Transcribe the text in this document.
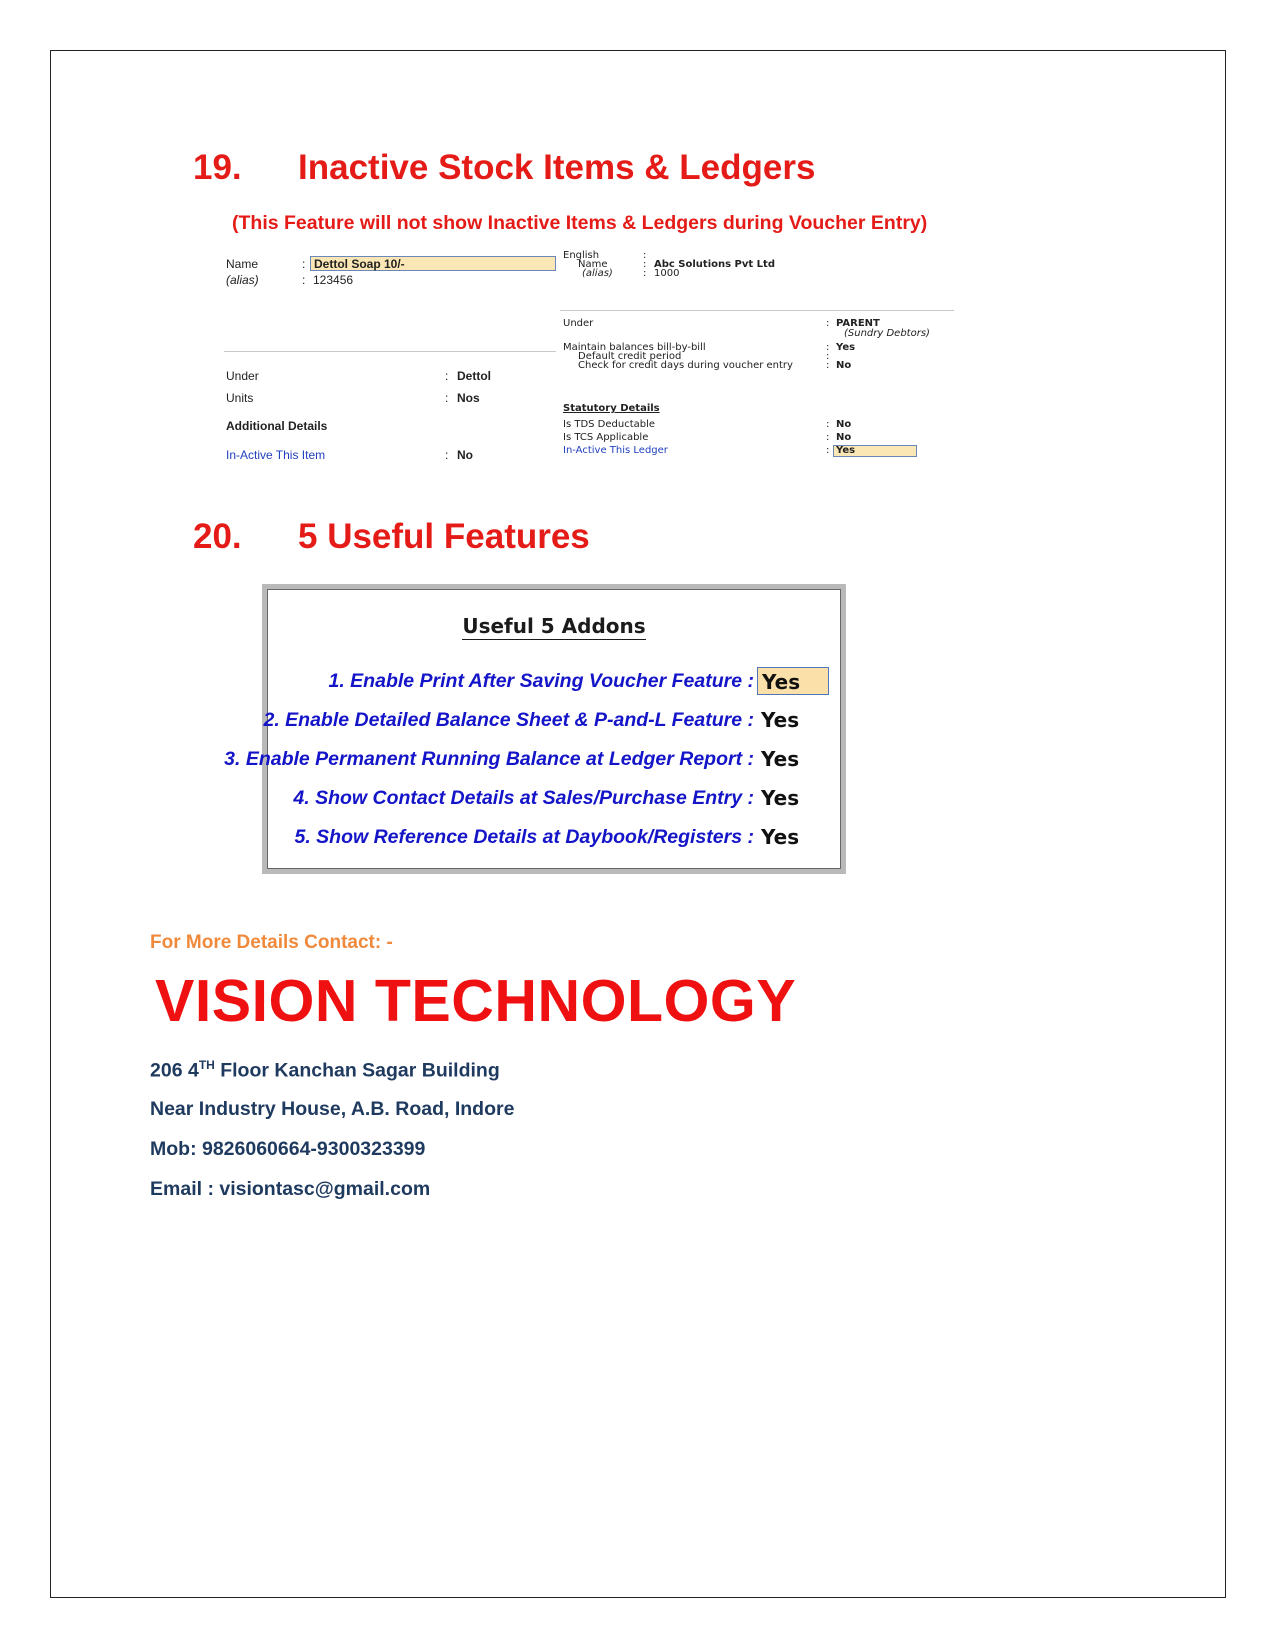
19. Inactive Stock Items & Ledgers
(This Feature will not show Inactive Items & Ledgers during Voucher Entry)
Name	: Dettol Soap 10/-
(alias)	: 123456
Under	: Dettol
Units	: Nos
Additional Details
In-Active This Item	: No
English	:
Name	: Abc Solutions Pvt Ltd
(alias)	: 1000
Under	: PARENT
(Sundry Debtors)
Maintain balances bill-by-bill	: Yes
Default credit period	:
Check for credit days during voucher entry	: No
Statutory Details
Is TDS Deductable	: No
Is TCS Applicable	: No
In-Active This Ledger	: Yes
20. 5 Useful Features
Useful 5 Addons
1. Enable Print After Saving Voucher Feature : Yes
2. Enable Detailed Balance Sheet & P-and-L Feature : Yes
3. Enable Permanent Running Balance at Ledger Report : Yes
4. Show Contact Details at Sales/Purchase Entry : Yes
5. Show Reference Details at Daybook/Registers : Yes
For More Details Contact: -
VISION TECHNOLOGY
206 4TH Floor Kanchan Sagar Building
Near Industry House, A.B. Road, Indore
Mob: 9826060664-9300323399
Email : visiontasc@gmail.com
